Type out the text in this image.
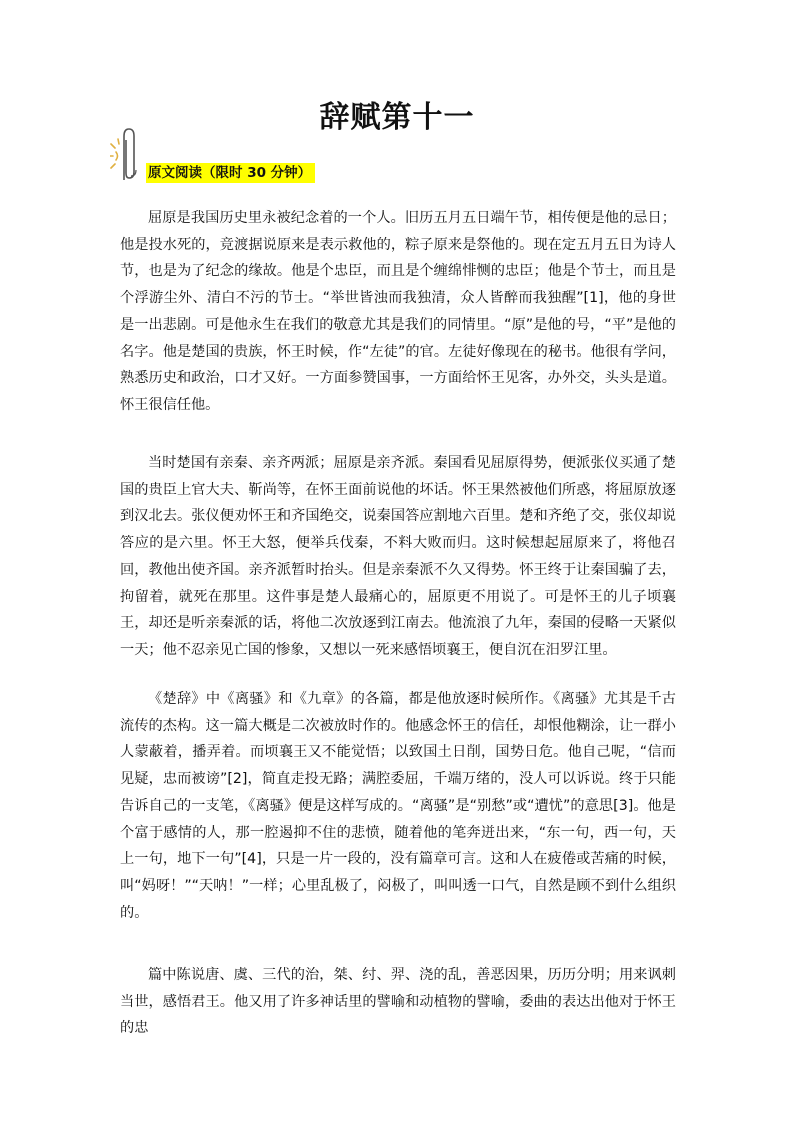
辞赋第十一
原文阅读（限时 30 分钟）

屈原是我国历史里永被纪念着的一个人。旧历五月五日端午节，相传便是他的忌日；他是投水死的，竞渡据说原来是表示救他的，粽子原来是祭他的。现在定五月五日为诗人节，也是为了纪念的缘故。他是个忠臣，而且是个缠绵悱恻的忠臣；他是个节士，而且是个浮游尘外、清白不污的节士。“举世皆浊而我独清，众人皆醉而我独醒”[1]，他的身世是一出悲剧。可是他永生在我们的敬意尤其是我们的同情里。“原”是他的号，“平”是他的名字。他是楚国的贵族，怀王时候，作“左徒”的官。左徒好像现在的秘书。他很有学问，熟悉历史和政治，口才又好。一方面参赞国事，一方面给怀王见客，办外交，头头是道。怀王很信任他。

当时楚国有亲秦、亲齐两派；屈原是亲齐派。秦国看见屈原得势，便派张仪买通了楚国的贵臣上官大夫、靳尚等，在怀王面前说他的坏话。怀王果然被他们所惑，将屈原放逐到汉北去。张仪便劝怀王和齐国绝交，说秦国答应割地六百里。楚和齐绝了交，张仪却说答应的是六里。怀王大怒，便举兵伐秦，不料大败而归。这时候想起屈原来了，将他召回，教他出使齐国。亲齐派暂时抬头。但是亲秦派不久又得势。怀王终于让秦国骗了去，拘留着，就死在那里。这件事是楚人最痛心的，屈原更不用说了。可是怀王的儿子顷襄王，却还是听亲秦派的话，将他二次放逐到江南去。他流浪了九年，秦国的侵略一天紧似一天；他不忍亲见亡国的惨象，又想以一死来感悟顷襄王，便自沉在汨罗江里。

《楚辞》中《离骚》和《九章》的各篇，都是他放逐时候所作。《离骚》尤其是千古流传的杰构。这一篇大概是二次被放时作的。他感念怀王的信任，却恨他糊涂，让一群小人蒙蔽着，播弄着。而顷襄王又不能觉悟；以致国土日削，国势日危。他自己呢，“信而见疑，忠而被谤”[2]，简直走投无路；满腔委屈，千端万绪的，没人可以诉说。终于只能告诉自己的一支笔，《离骚》便是这样写成的。“离骚”是“别愁”或“遭忧”的意思[3]。他是个富于感情的人，那一腔遏抑不住的悲愤，随着他的笔奔迸出来，“东一句，西一句，天上一句，地下一句”[4]，只是一片一段的，没有篇章可言。这和人在疲倦或苦痛的时候，叫“妈呀！”“天呐！”一样；心里乱极了，闷极了，叫叫透一口气，自然是顾不到什么组织的。

篇中陈说唐、虞、三代的治，桀、纣、羿、浇的乱，善恶因果，历历分明；用来讽刺当世，感悟君王。他又用了许多神话里的譬喻和动植物的譬喻，委曲的表达出他对于怀王的忠
